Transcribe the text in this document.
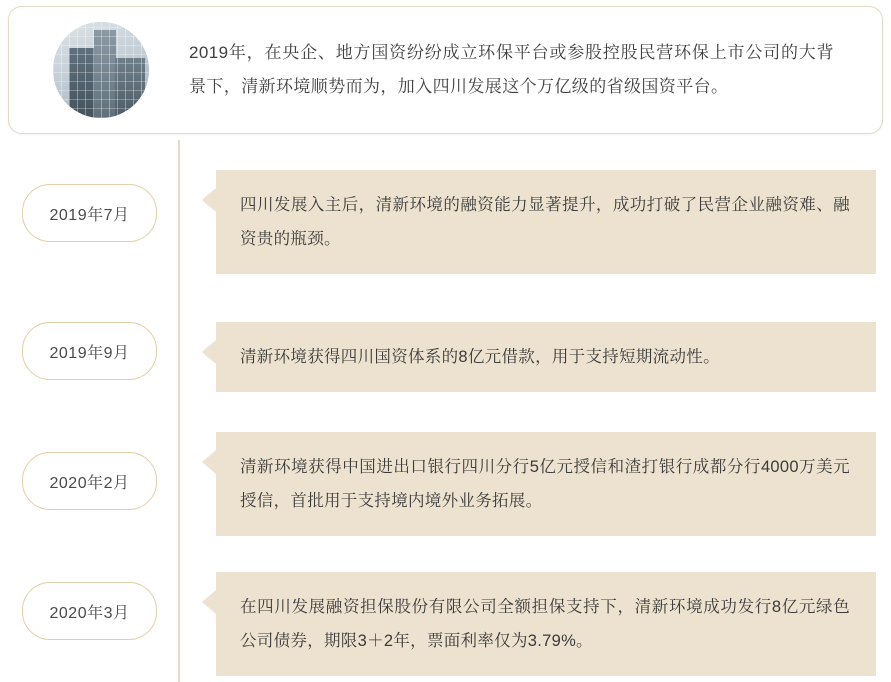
2019年，在央企、地方国资纷纷成立环保平台或参股控股民营环保上市公司的大背景下，清新环境顺势而为，加入四川发展这个万亿级的省级国资平台。
2019年7月
四川发展入主后，清新环境的融资能力显著提升，成功打破了民营企业融资难、融资贵的瓶颈。
2019年9月	清新环境获得四川国资体系的8亿元借款，用于支持短期流动性。
2020年2月
清新环境获得中国进出口银行四川分行5亿元授信和渣打银行成都分行4000万美元授信，首批用于支持境内境外业务拓展。
2020年3月	在四川发展融资担保股份有限公司全额担保支持下，清新环境成功发行8亿元绿色公司债券，期限3＋2年，票面利率仅为3.79%。
